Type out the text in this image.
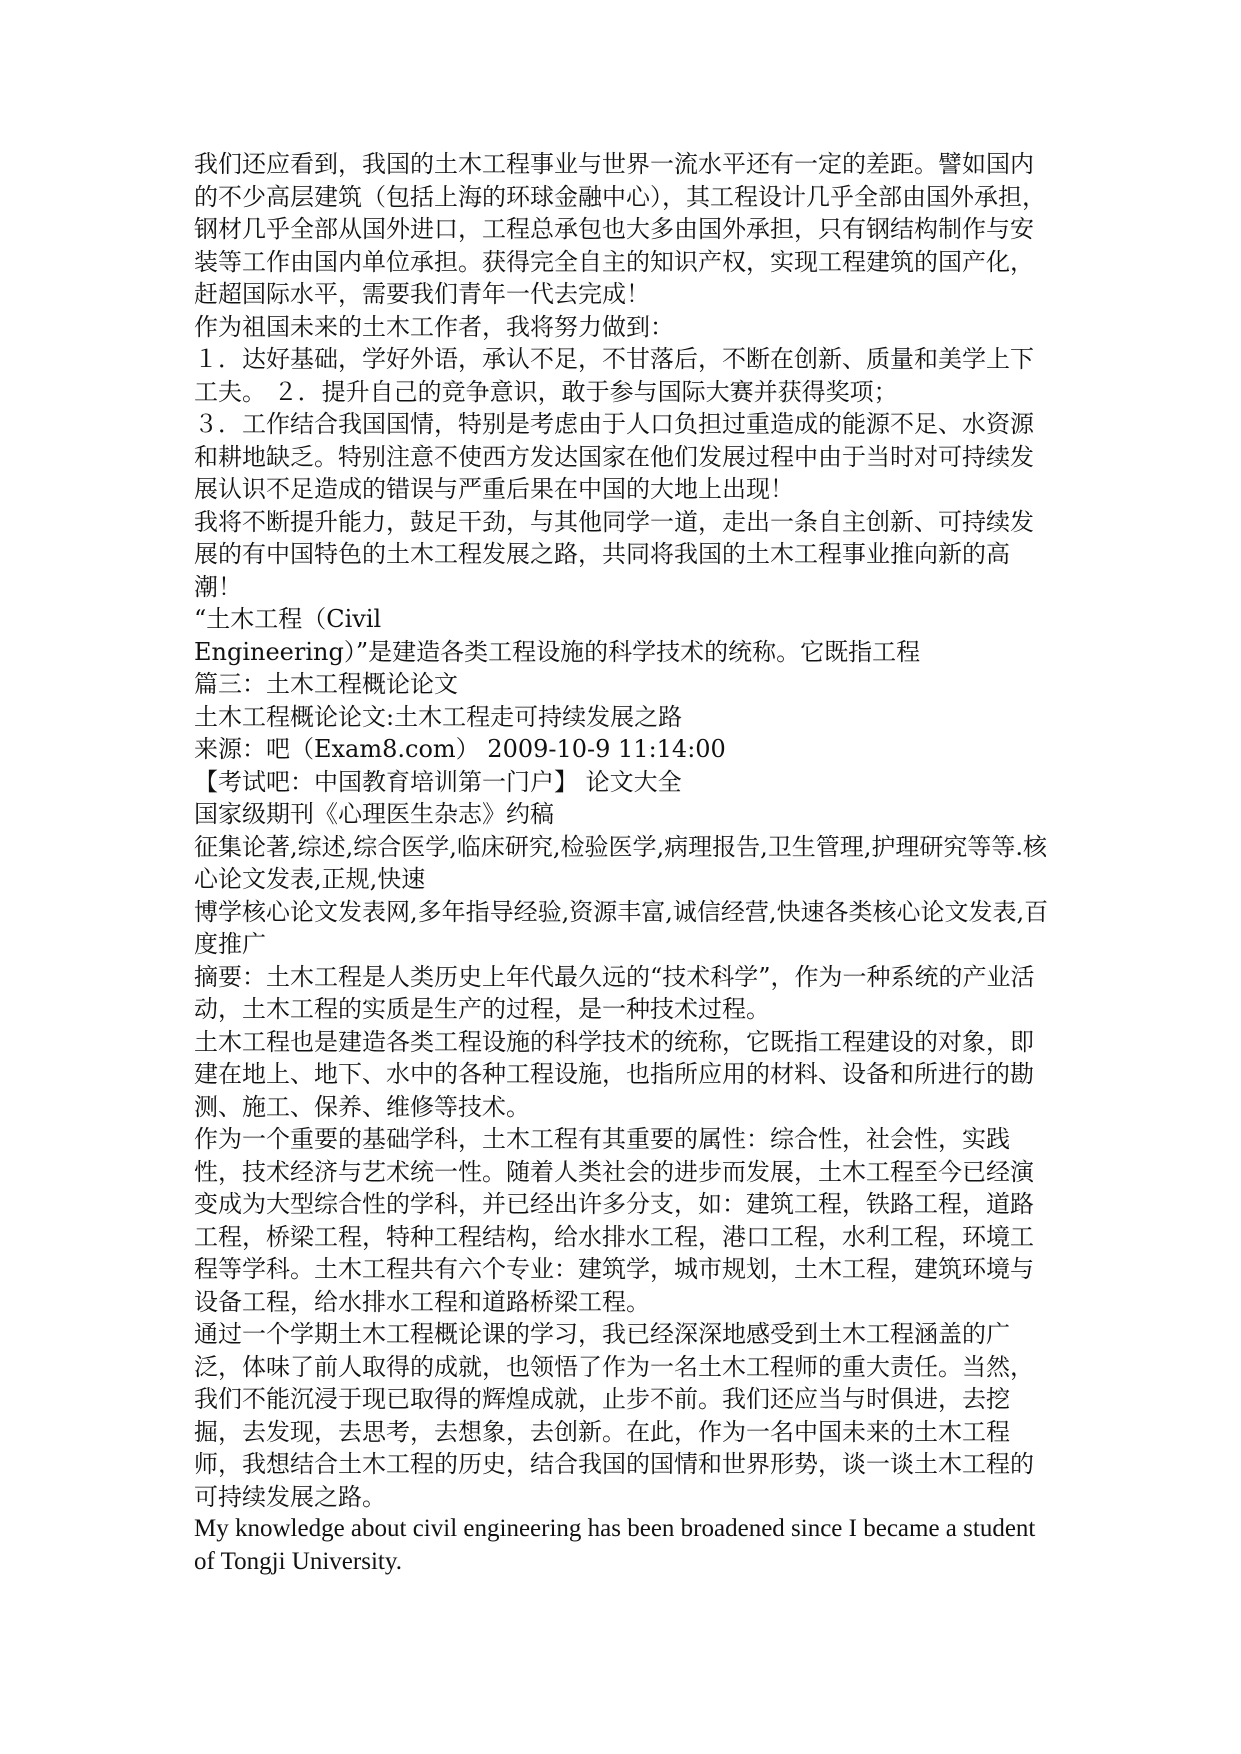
我们还应看到，我国的土木工程事业与世界一流水平还有一定的差距。譬如国内的不少高层建筑（包括上海的环球金融中心），其工程设计几乎全部由国外承担，钢材几乎全部从国外进口，工程总承包也大多由国外承担，只有钢结构制作与安装等工作由国内单位承担。获得完全自主的知识产权，实现工程建筑的国产化，赶超国际水平，需要我们青年一代去完成！

作为祖国未来的土木工作者，我将努力做到：

１．达好基础，学好外语，承认不足，不甘落后，不断在创新、质量和美学上下工夫。 ２．提升自己的竞争意识，敢于参与国际大赛并获得奖项；

３．工作结合我国国情，特别是考虑由于人口负担过重造成的能源不足、水资源和耕地缺乏。特别注意不使西方发达国家在他们发展过程中由于当时对可持续发展认识不足造成的错误与严重后果在中国的大地上出现！

我将不断提升能力，鼓足干劲，与其他同学一道，走出一条自主创新、可持续发展的有中国特色的土木工程发展之路，共同将我国的土木工程事业推向新的高潮！

“土木工程（Civil

Engineering）”是建造各类工程设施的科学技术的统称。它既指工程

篇三：土木工程概论论文

土木工程概论论文:土木工程走可持续发展之路

来源：吧（Exam8.com） 2009-10-9 11:14:00

【考试吧：中国教育培训第一门户】 论文大全

国家级期刊《心理医生杂志》约稿

征集论著,综述,综合医学,临床研究,检验医学,病理报告,卫生管理,护理研究等等.核心论文发表,正规,快速

博学核心论文发表网,多年指导经验,资源丰富,诚信经营,快速各类核心论文发表,百度推广

摘要：土木工程是人类历史上年代最久远的“技术科学”，作为一种系统的产业活动，土木工程的实质是生产的过程，是一种技术过程。

土木工程也是建造各类工程设施的科学技术的统称，它既指工程建设的对象，即建在地上、地下、水中的各种工程设施，也指所应用的材料、设备和所进行的勘测、施工、保养、维修等技术。

作为一个重要的基础学科，土木工程有其重要的属性：综合性，社会性，实践性，技术经济与艺术统一性。随着人类社会的进步而发展，土木工程至今已经演变成为大型综合性的学科，并已经出许多分支，如：建筑工程，铁路工程，道路工程，桥梁工程，特种工程结构，给水排水工程，港口工程，水利工程，环境工程等学科。土木工程共有六个专业：建筑学，城市规划，土木工程，建筑环境与设备工程，给水排水工程和道路桥梁工程。

通过一个学期土木工程概论课的学习，我已经深深地感受到土木工程涵盖的广泛，体味了前人取得的成就，也领悟了作为一名土木工程师的重大责任。当然，我们不能沉浸于现已取得的辉煌成就，止步不前。我们还应当与时俱进，去挖掘，去发现，去思考，去想象，去创新。在此，作为一名中国未来的土木工程师，我想结合土木工程的历史，结合我国的国情和世界形势，谈一谈土木工程的可持续发展之路。

My knowledge about civil engineering has been broadened since I became a student of Tongji University.
